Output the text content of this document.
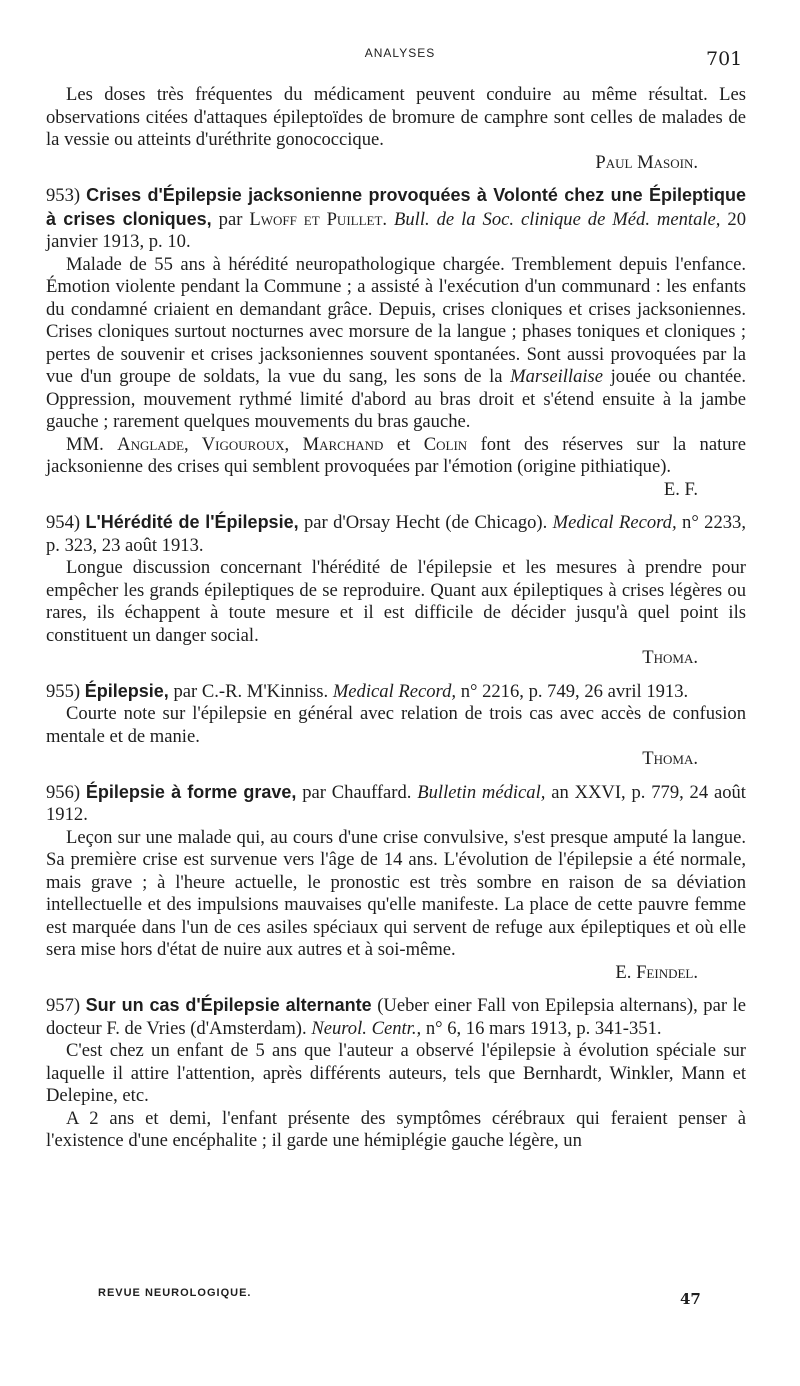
ANALYSES	701

Les doses très fréquentes du médicament peuvent conduire au même résultat. Les observations citées d'attaques épileptoïdes de bromure de camphre sont celles de malades de la vessie ou atteints d'uréthrite gonococcique.

Paul Masoin.

953) Crises d'Épilepsie jacksonienne provoquées à Volonté chez une Épileptique à crises cloniques, par Lwoff et Puillet. Bull. de la Soc. clinique de Méd. mentale, 20 janvier 1913, p. 10.

Malade de 55 ans à hérédité neuropathologique chargée. Tremblement depuis l'enfance. Émotion violente pendant la Commune ; a assisté à l'exécution d'un communard : les enfants du condamné criaient en demandant grâce. Depuis, crises cloniques et crises jacksoniennes. Crises cloniques surtout nocturnes avec morsure de la langue ; phases toniques et cloniques ; pertes de souvenir et crises jacksoniennes souvent spontanées. Sont aussi provoquées par la vue d'un groupe de soldats, la vue du sang, les sons de la Marseillaise jouée ou chantée. Oppression, mouvement rythmé limité d'abord au bras droit et s'étend ensuite à la jambe gauche ; rarement quelques mouvements du bras gauche.

MM. Anglade, Vigouroux, Marchand et Colin font des réserves sur la nature jacksonienne des crises qui semblent provoquées par l'émotion (origine pithiatique).

E. F.

954) L'Hérédité de l'Épilepsie, par d'Orsay Hecht (de Chicago). Medical Record, n° 2233, p. 323, 23 août 1913.

Longue discussion concernant l'hérédité de l'épilepsie et les mesures à prendre pour empêcher les grands épileptiques de se reproduire. Quant aux épileptiques à crises légères ou rares, ils échappent à toute mesure et il est difficile de décider jusqu'à quel point ils constituent un danger social.

Thoma.

955) Épilepsie, par C.-R. M'Kinniss. Medical Record, n° 2216, p. 749, 26 avril 1913.

Courte note sur l'épilepsie en général avec relation de trois cas avec accès de confusion mentale et de manie.

Thoma.

956) Épilepsie à forme grave, par Chauffard. Bulletin médical, an XXVI, p. 779, 24 août 1912.

Leçon sur une malade qui, au cours d'une crise convulsive, s'est presque amputé la langue. Sa première crise est survenue vers l'âge de 14 ans. L'évolution de l'épilepsie a été normale, mais grave ; à l'heure actuelle, le pronostic est très sombre en raison de sa déviation intellectuelle et des impulsions mauvaises qu'elle manifeste. La place de cette pauvre femme est marquée dans l'un de ces asiles spéciaux qui servent de refuge aux épileptiques et où elle sera mise hors d'état de nuire aux autres et à soi-même.

E. Feindel.

957) Sur un cas d'Épilepsie alternante (Ueber einer Fall von Epilepsia alternans), par le docteur F. de Vries (d'Amsterdam). Neurol. Centr., n° 6, 16 mars 1913, p. 341-351.

C'est chez un enfant de 5 ans que l'auteur a observé l'épilepsie à évolution spéciale sur laquelle il attire l'attention, après différents auteurs, tels que Bernhardt, Winkler, Mann et Delepine, etc.

A 2 ans et demi, l'enfant présente des symptômes cérébraux qui feraient penser à l'existence d'une encéphalite ; il garde une hémiplégie gauche légère, un

REVUE NEUROLOGIQUE.	47
